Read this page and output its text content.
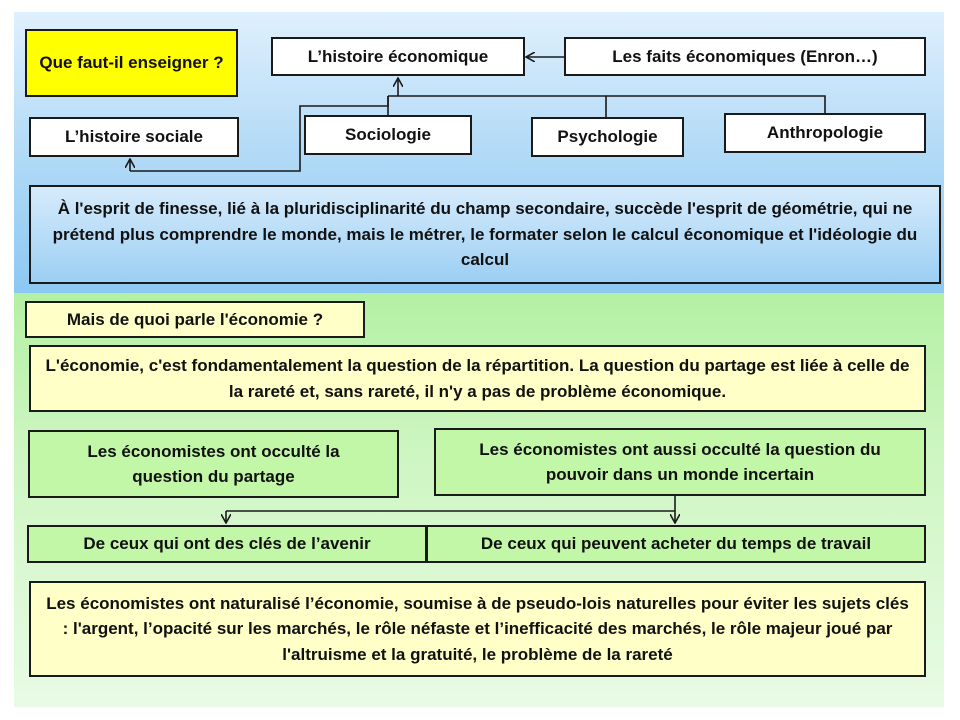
Que faut-il enseigner ?	L’histoire économique	Les faits économiques (Enron…)
L’histoire sociale	Sociologie	Psychologie	Anthropologie
À l'esprit de finesse, lié à la pluridisciplinarité du champ secondaire, succède l'esprit de géométrie, qui ne prétend plus comprendre le monde, mais le métrer, le formater selon le calcul économique et l'idéologie du calcul
Mais de quoi parle l'économie ?
L'économie, c'est fondamentalement la question de la répartition. La question du partage est liée à celle de la rareté et, sans rareté, il n'y a pas de problème économique.
Les économistes ont occulté la question du partage
Les économistes ont aussi occulté la question du pouvoir dans un monde incertain
De ceux qui ont des clés de l’avenir	De ceux qui peuvent acheter du temps de travail
Les économistes ont naturalisé l’économie, soumise à de pseudo-lois naturelles pour éviter les sujets clés : l'argent, l’opacité sur les marchés, le rôle néfaste et l’inefficacité des marchés, le rôle majeur joué par l'altruisme et la gratuité, le problème de la rareté
